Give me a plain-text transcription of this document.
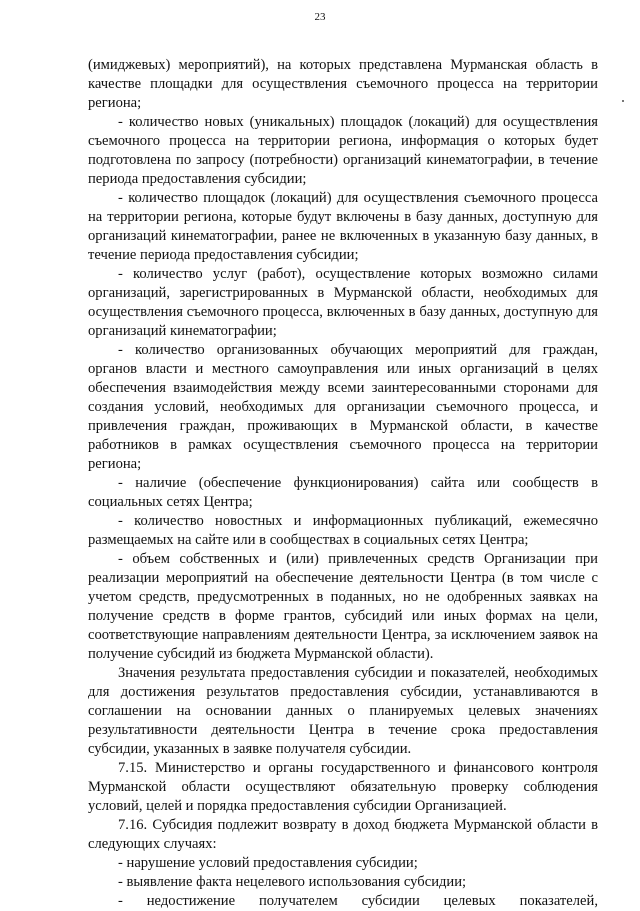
23

(имиджевых) мероприятий), на которых представлена Мурманская область в качестве площадки для осуществления съемочного процесса на территории региона;

- количество новых (уникальных) площадок (локаций) для осуществления съемочного процесса на территории региона, информация о которых будет подготовлена по запросу (потребности) организаций кинематографии, в течение периода предоставления субсидии;

- количество площадок (локаций) для осуществления съемочного процесса на территории региона, которые будут включены в базу данных, доступную для организаций кинематографии, ранее не включенных в указанную базу данных, в течение периода предоставления субсидии;

- количество услуг (работ), осуществление которых возможно силами организаций, зарегистрированных в Мурманской области, необходимых для осуществления съемочного процесса, включенных в базу данных, доступную для организаций кинематографии;

- количество организованных обучающих мероприятий для граждан, органов власти и местного самоуправления или иных организаций в целях обеспечения взаимодействия между всеми заинтересованными сторонами для создания условий, необходимых для организации съемочного процесса, и привлечения граждан, проживающих в Мурманской области, в качестве работников в рамках осуществления съемочного процесса на территории региона;

- наличие (обеспечение функционирования) сайта или сообществ в социальных сетях Центра;

- количество новостных и информационных публикаций, ежемесячно размещаемых на сайте или в сообществах в социальных сетях Центра;

- объем собственных и (или) привлеченных средств Организации при реализации мероприятий на обеспечение деятельности Центра (в том числе с учетом средств, предусмотренных в поданных, но не одобренных заявках на получение средств в форме грантов, субсидий или иных формах на цели, соответствующие направлениям деятельности Центра, за исключением заявок на получение субсидий из бюджета Мурманской области).

Значения результата предоставления субсидии и показателей, необходимых для достижения результатов предоставления субсидии, устанавливаются в соглашении на основании данных о планируемых целевых значениях результативности деятельности Центра в течение срока предоставления субсидии, указанных в заявке получателя субсидии.

7.15. Министерство и органы государственного и финансового контроля Мурманской области осуществляют обязательную проверку соблюдения условий, целей и порядка предоставления субсидии Организацией.

7.16. Субсидия подлежит возврату в доход бюджета Мурманской области в следующих случаях:

- нарушение условий предоставления субсидии;

- выявление факта нецелевого использования субсидии;

- недостижение получателем субсидии целевых показателей,
